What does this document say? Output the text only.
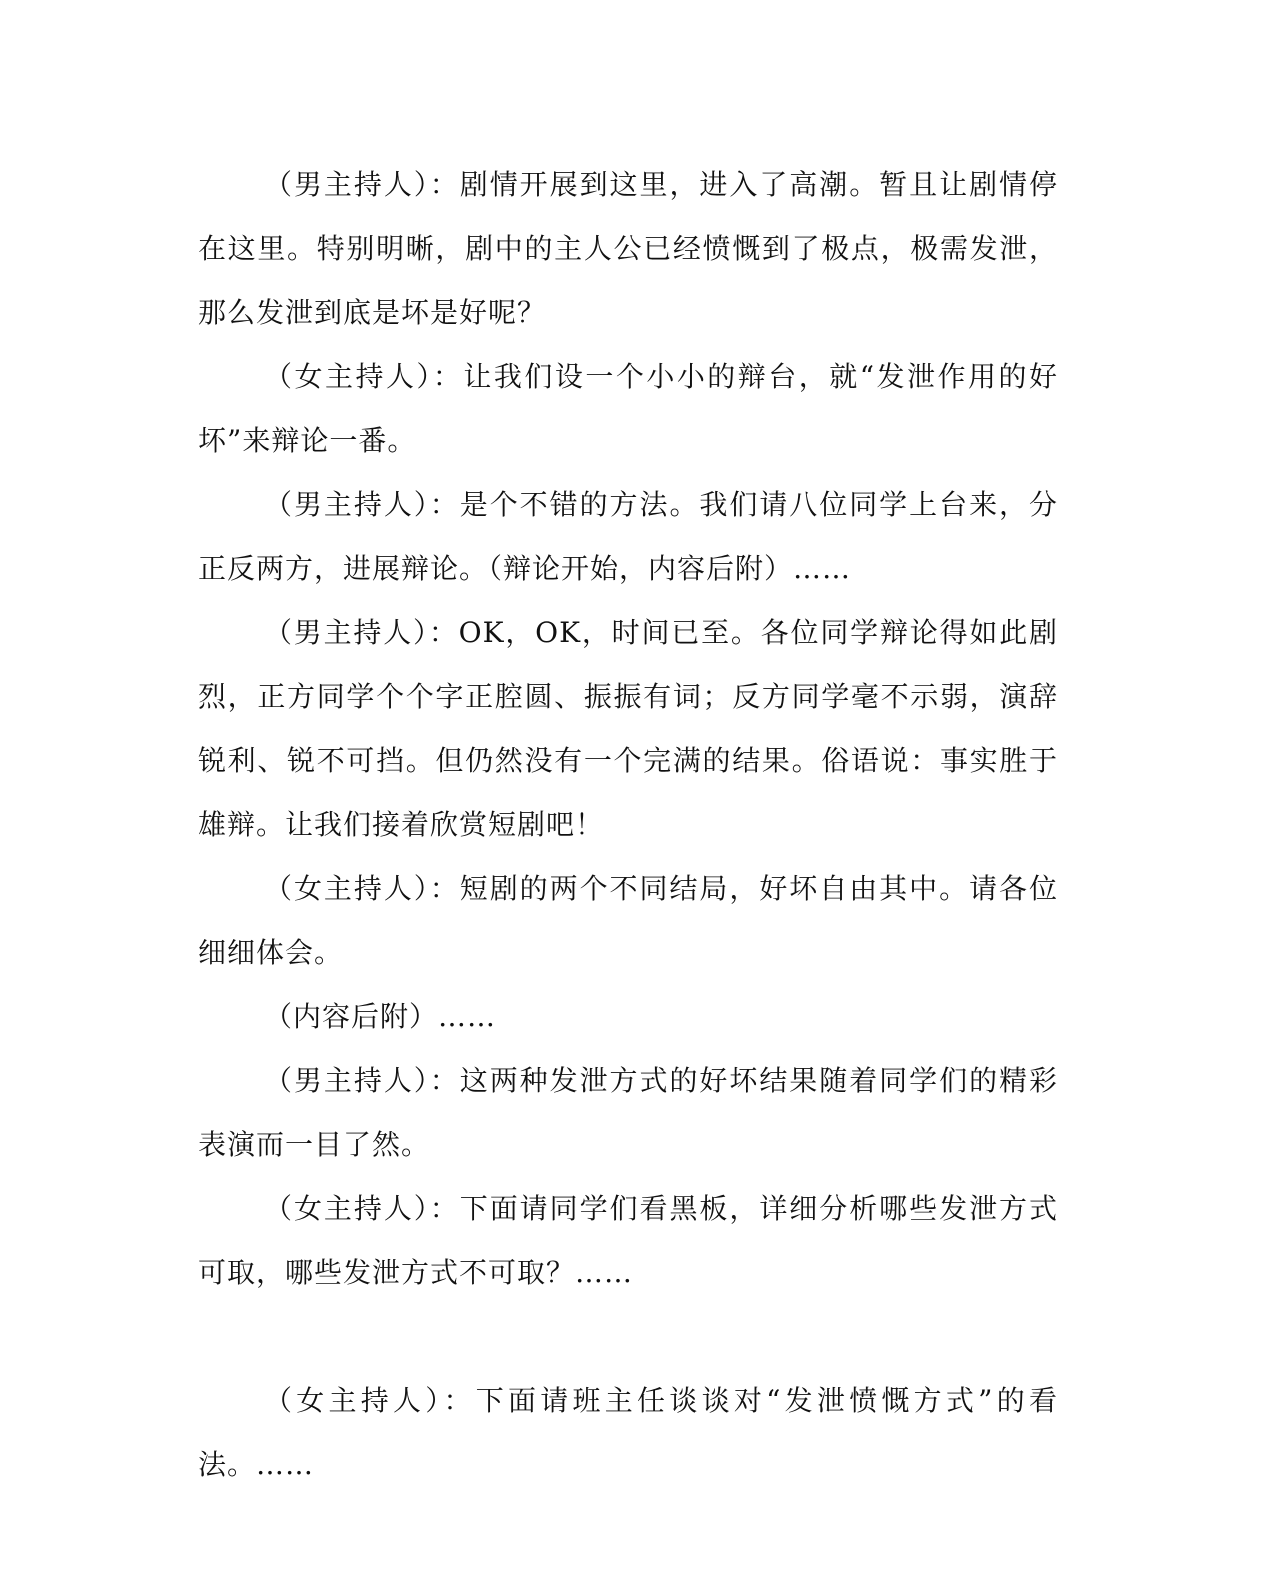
（男主持人）：剧情开展到这里，进入了高潮。暂且让剧情停在这里。特别明晰，剧中的主人公已经愤慨到了极点，极需发泄，那么发泄到底是坏是好呢？

（女主持人）：让我们设一个小小的辩台，就“发泄作用的好坏”来辩论一番。

（男主持人）：是个不错的方法。我们请八位同学上台来，分正反两方，进展辩论。（辩论开始，内容后附）……

（男主持人）：OK，OK，时间已至。各位同学辩论得如此剧烈，正方同学个个字正腔圆、振振有词；反方同学毫不示弱，演辞锐利、锐不可挡。但仍然没有一个完满的结果。俗语说：事实胜于雄辩。让我们接着欣赏短剧吧！

（女主持人）：短剧的两个不同结局，好坏自由其中。请各位细细体会。

（内容后附）……

（男主持人）：这两种发泄方式的好坏结果随着同学们的精彩表演而一目了然。

（女主持人）：下面请同学们看黑板，详细分析哪些发泄方式可取，哪些发泄方式不可取？……

（女主持人）：下面请班主任谈谈对“发泄愤慨方式”的看法。……
